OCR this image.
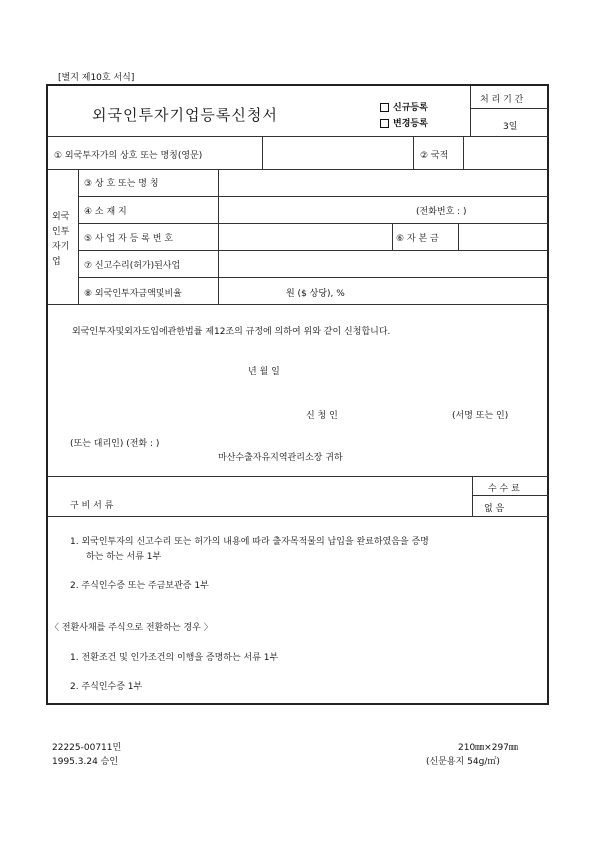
[별지 제10호 서식]
외국인투자기업등록신청서	신규등록
변경등록
처 리 기 간
3일
① 외국투자가의 상호 또는 명칭(영문)	② 국적
외국
인투
자기
업
③ 상 호 또는 명 칭
④ 소 재 지	(전화번호 : )
⑤ 사 업 자 등 록 번 호	⑥ 자 본 금
⑦ 신고수리(허가)된사업
⑧ 외국인투자금액및비율	원 ($ 상당), %
외국인투자및외자도입에관한법률 제12조의 규정에 의하여 위와 같이 신청합니다.
년 월 일
신 청 인	(서명 또는 인)
(또는 대리인) (전화 : )
마산수출자유지역관리소장 귀하
수 수 료
없 음
구 비 서 류
1. 외국인투자의 신고수리 또는 허가의 내용에 따라 출자목적물의 납입을 완료하였음을 증명
하는 하는 서류 1부
2. 주식인수증 또는 주금보관증 1부
〈 전환사채를 주식으로 전환하는 경우 〉
1. 전환조건 및 인가조건의 이행을 증명하는 서류 1부
2. 주식인수증 1부
22225-00711민
1995.3.24 승인
210㎜×297㎜
(신문용지 54g/㎡)
